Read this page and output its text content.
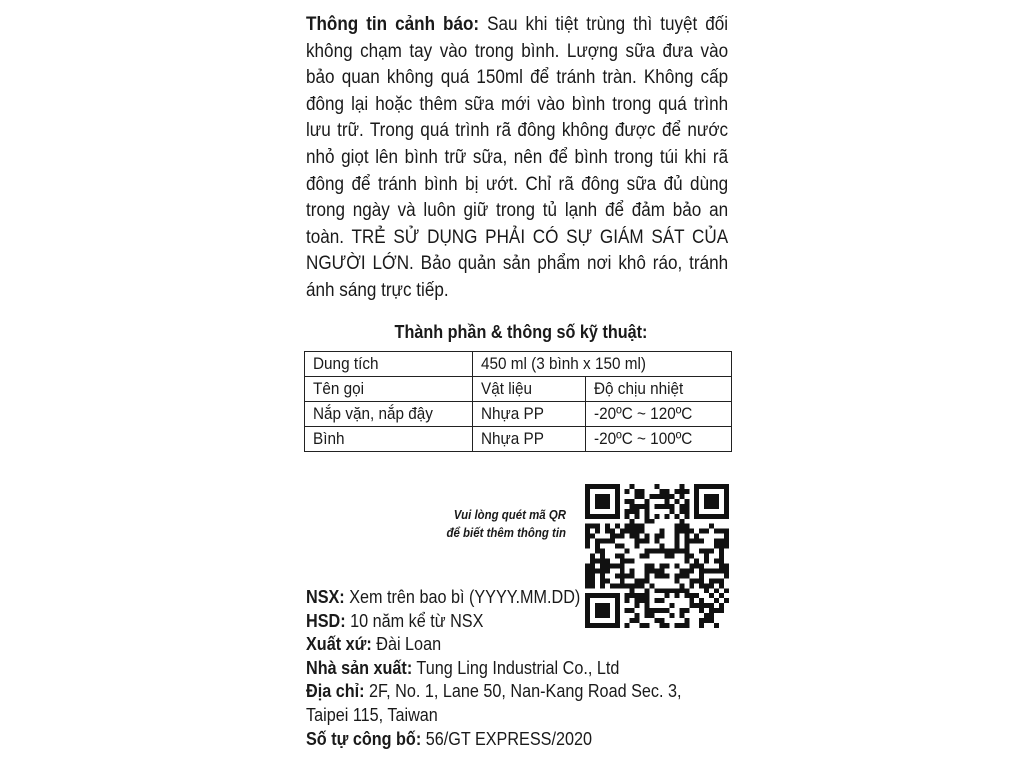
Thông tin cảnh báo: Sau khi tiệt trùng thì tuyệt đối không chạm tay vào trong bình. Lượng sữa đưa vào bảo quan không quá 150ml để tránh tràn. Không cấp đông lại hoặc thêm sữa mới vào bình trong quá trình lưu trữ. Trong quá trình rã đông không được để nước nhỏ giọt lên bình trữ sữa, nên để bình trong túi khi rã đông để tránh bình bị ướt. Chỉ rã đông sữa đủ dùng trong ngày và luôn giữ trong tủ lạnh để đảm bảo an toàn. TRẺ SỬ DỤNG PHẢI CÓ SỰ GIÁM SÁT CỦA NGƯỜI LỚN. Bảo quản sản phẩm nơi khô ráo, tránh ánh sáng trực tiếp.
Thành phần & thông số kỹ thuật:
Dung tích	450 ml (3 bình x 150 ml)	
Tên gọi	Vật liệu	Độ chịu nhiệt
Nắp vặn, nắp đậy	Nhựa PP	-20ºC ~ 120ºC
Bình	Nhựa PP	-20ºC ~ 100ºC
Vui lòng quét mã QR
để biết thêm thông tin
NSX: Xem trên bao bì (YYYY.MM.DD)
HSD: 10 năm kể từ NSX
Xuất xứ: Đài Loan
Nhà sản xuất: Tung Ling Industrial Co., Ltd
Địa chỉ: 2F, No. 1, Lane 50, Nan-Kang Road Sec. 3,
Taipei 115, Taiwan
Số tự công bố: 56/GT EXPRESS/2020
